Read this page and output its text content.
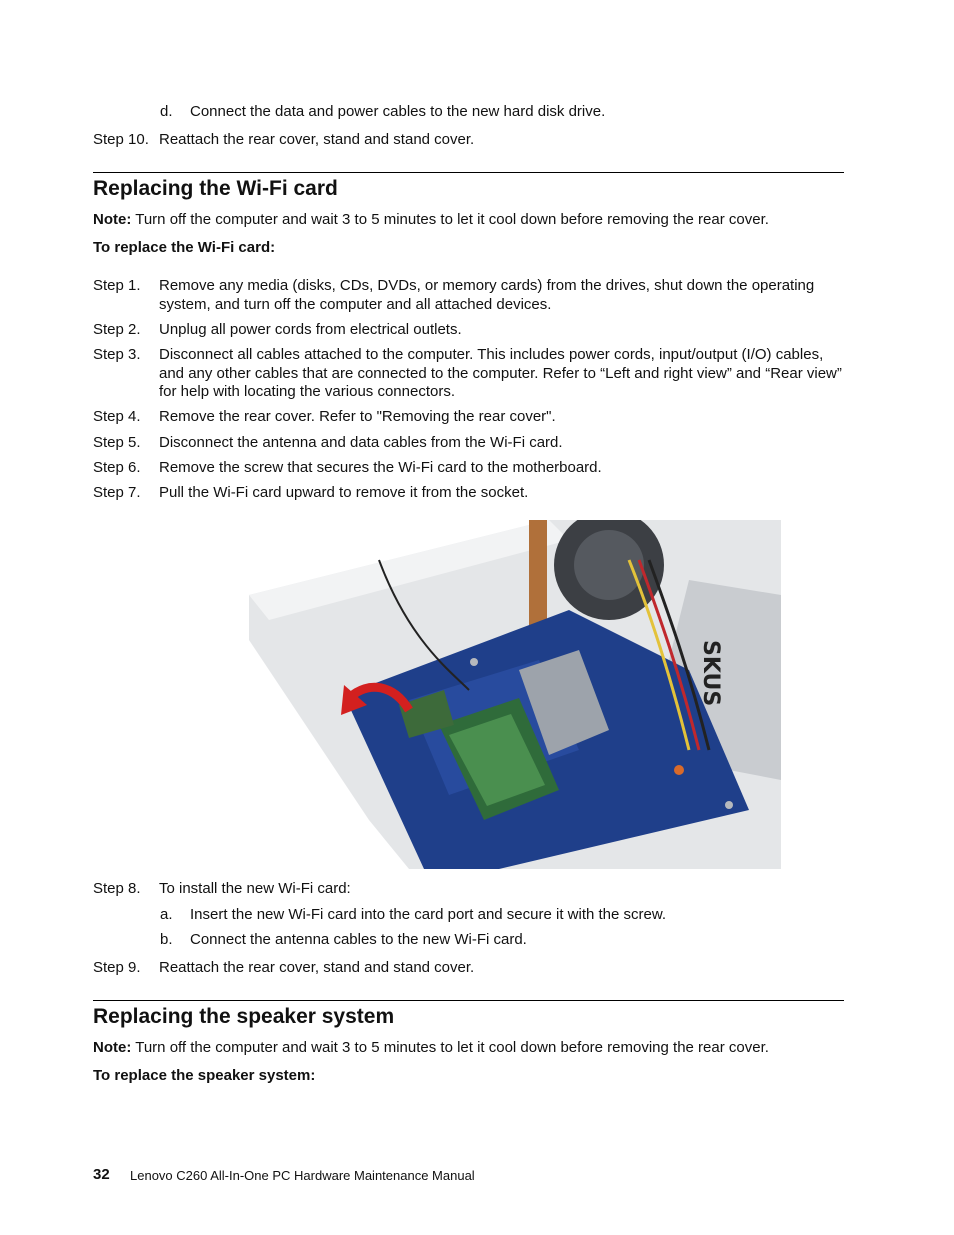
d. Connect the data and power cables to the new hard disk drive.
Step 10. Reattach the rear cover, stand and stand cover.
Replacing the Wi-Fi card
Note: Turn off the computer and wait 3 to 5 minutes to let it cool down before removing the rear cover.
To replace the Wi-Fi card:
Step 1. Remove any media (disks, CDs, DVDs, or memory cards) from the drives, shut down the operating system, and turn off the computer and all attached devices.
Step 2. Unplug all power cords from electrical outlets.
Step 3. Disconnect all cables attached to the computer. This includes power cords, input/output (I/O) cables, and any other cables that are connected to the computer. Refer to “Left and right view” and “Rear view” for help with locating the various connectors.
Step 4. Remove the rear cover. Refer to "Removing the rear cover".
Step 5. Disconnect the antenna and data cables from the Wi-Fi card.
Step 6. Remove the screw that secures the Wi-Fi card to the motherboard.
Step 7. Pull the Wi-Fi card upward to remove it from the socket.
SKUS
Step 8. To install the new Wi-Fi card:
a. Insert the new Wi-Fi card into the card port and secure it with the screw.
b. Connect the antenna cables to the new Wi-Fi card.
Step 9. Reattach the rear cover, stand and stand cover.
Replacing the speaker system
Note: Turn off the computer and wait 3 to 5 minutes to let it cool down before removing the rear cover.
To replace the speaker system:
32 Lenovo C260 All-In-One PC Hardware Maintenance Manual
